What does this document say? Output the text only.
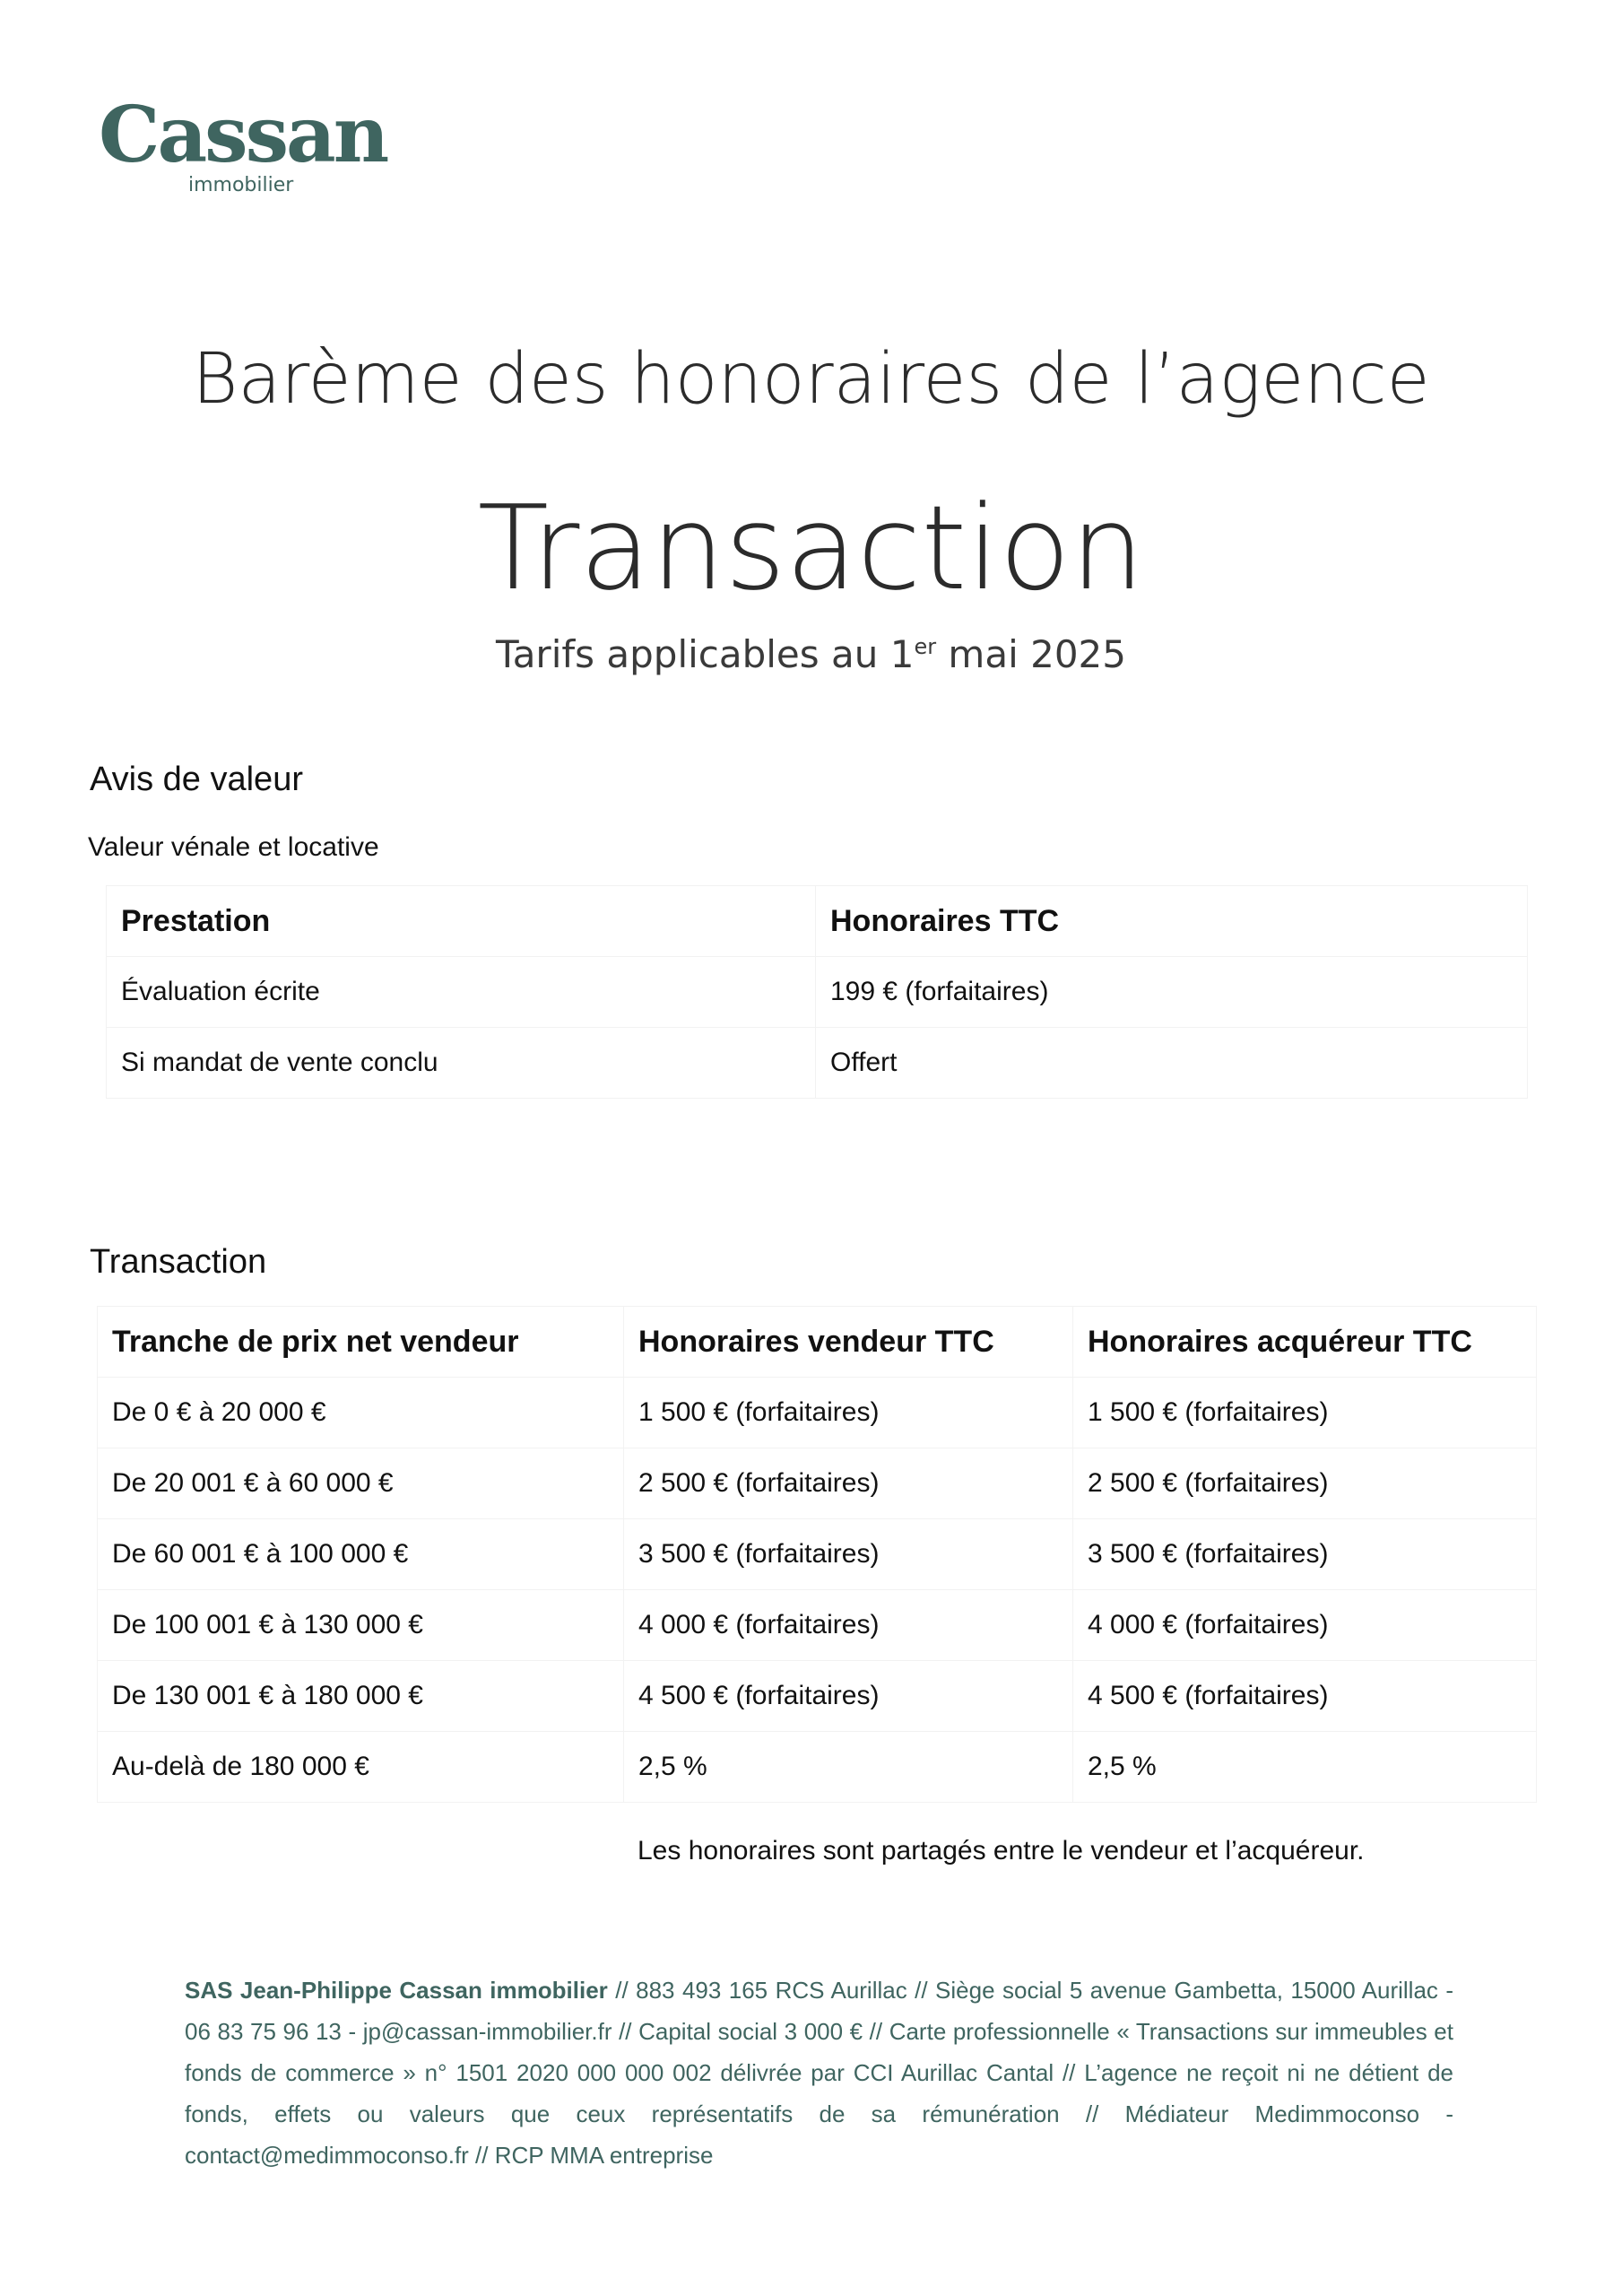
Cassan
immobilier
Barème des honoraires de l’agence
Transaction
Tarifs applicables au 1er mai 2025
Avis de valeur
Valeur vénale et locative
Prestation	Honoraires TTC
Évaluation écrite	199 € (forfaitaires)
Si mandat de vente conclu	Offert
Transaction
Tranche de prix net vendeur	Honoraires vendeur TTC	Honoraires acquéreur TTC
De 0 € à 20 000 €	1 500 € (forfaitaires)	1 500 € (forfaitaires)
De 20 001 € à 60 000 €	2 500 € (forfaitaires)	2 500 € (forfaitaires)
De 60 001 € à 100 000 €	3 500 € (forfaitaires)	3 500 € (forfaitaires)
De 100 001 € à 130 000 €	4 000 € (forfaitaires)	4 000 € (forfaitaires)
De 130 001 € à 180 000 €	4 500 € (forfaitaires)	4 500 € (forfaitaires)
Au-delà de 180 000 €	2,5 %	2,5 %
Les honoraires sont partagés entre le vendeur et l’acquéreur.
SAS Jean-Philippe Cassan immobilier // 883 493 165 RCS Aurillac // Siège social 5 avenue Gambetta, 15000 Aurillac - 06 83 75 96 13 - jp@cassan-immobilier.fr // Capital social 3 000 € // Carte professionnelle « Transactions sur immeubles et fonds de commerce » n° 1501 2020 000 000 002 délivrée par CCI Aurillac Cantal // L’agence ne reçoit ni ne détient de fonds, effets ou valeurs que ceux représentatifs de sa rémunération // Médiateur Medimmoconso - contact@medimmoconso.fr // RCP MMA entreprise
